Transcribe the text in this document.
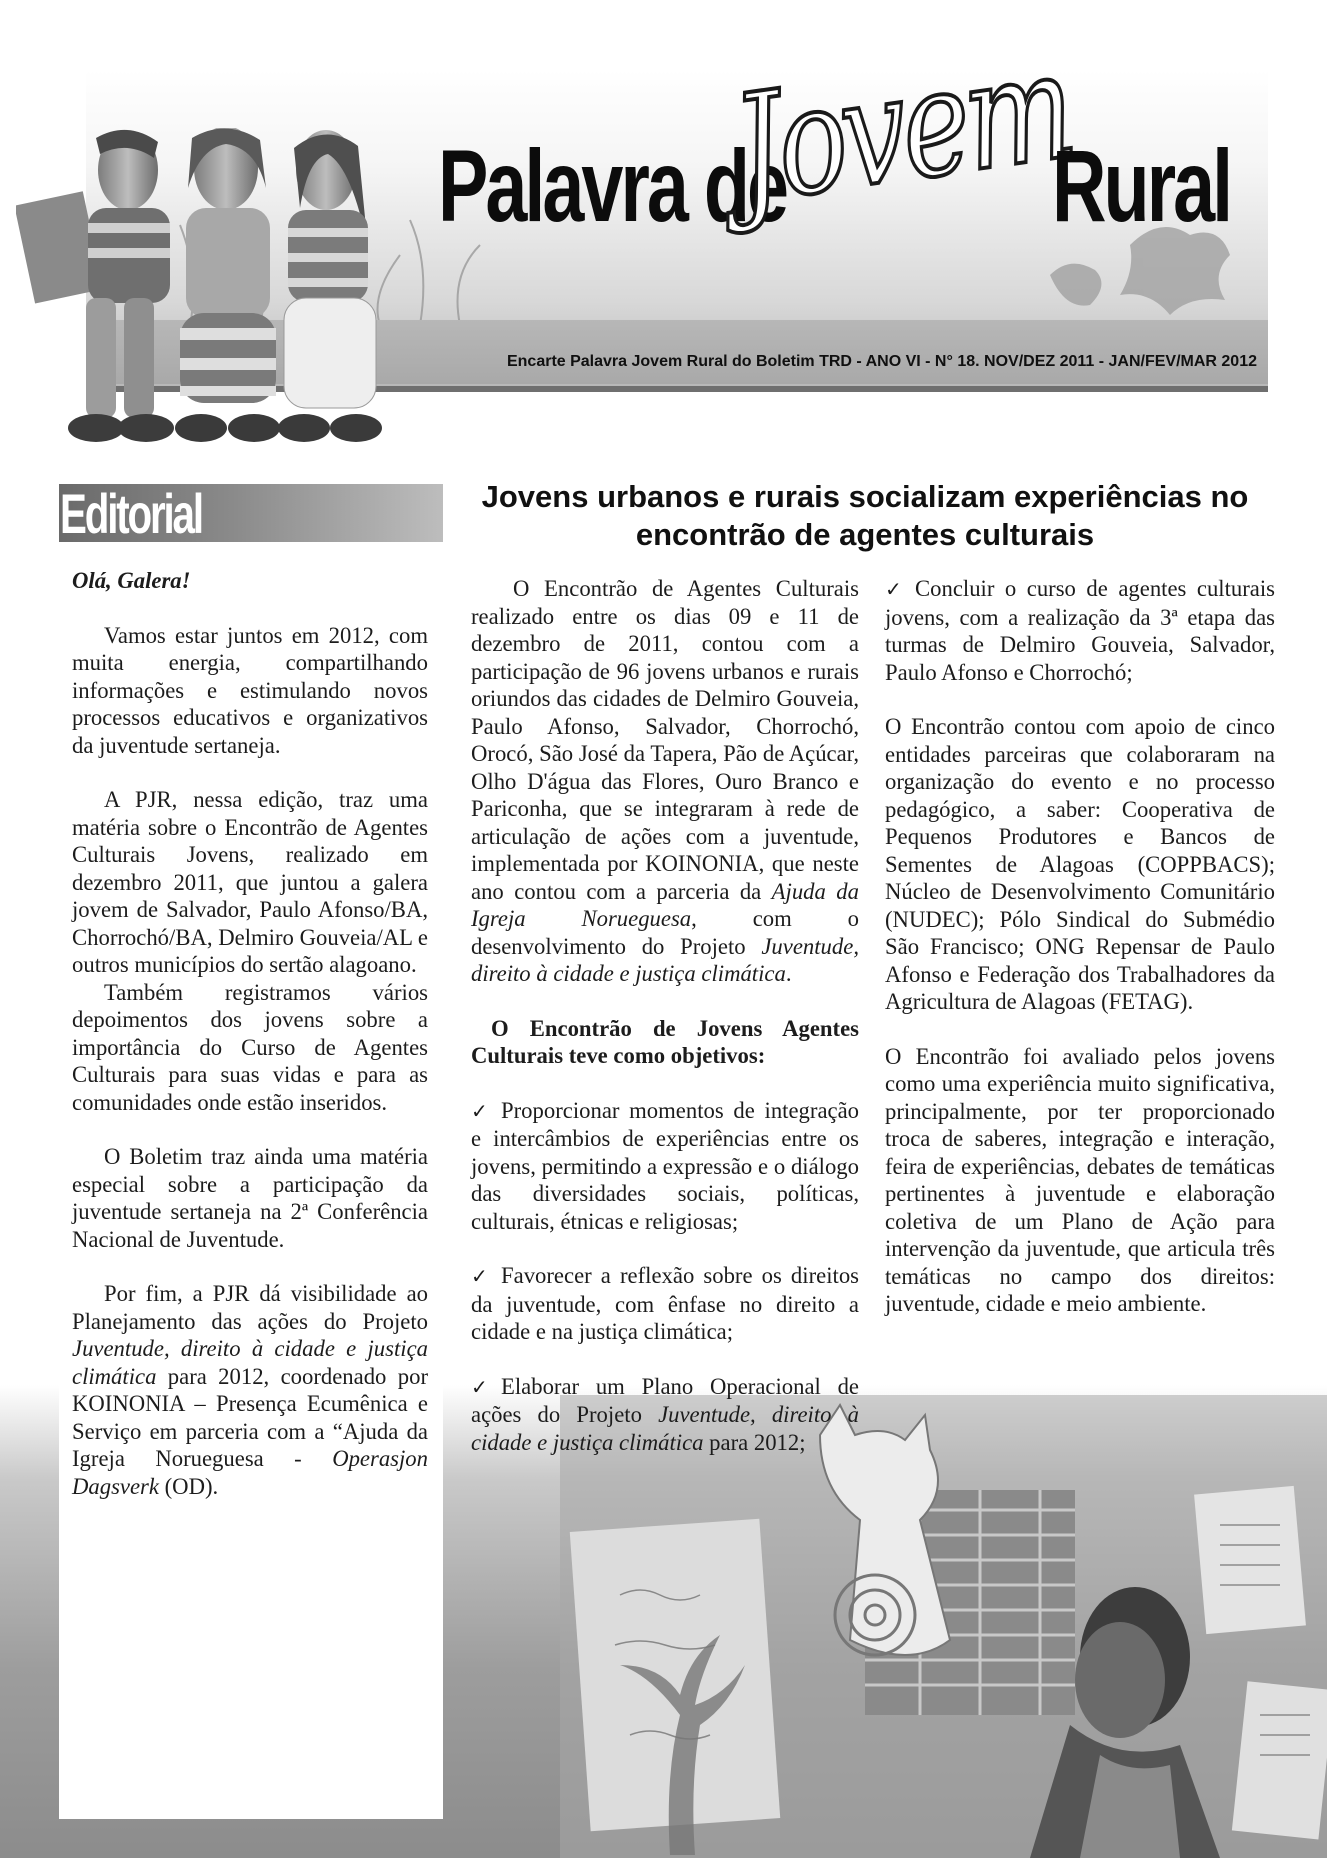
Palavra de
Jovem
Rural
Encarte Palavra Jovem Rural do Boletim TRD - ANO VI - N° 18. NOV/DEZ 2011 - JAN/FEV/MAR 2012
Editorial

Olá, Galera!

Vamos estar juntos em 2012, com muita energia, compartilhando informações e estimulando novos processos educativos e organizativos da juventude sertaneja.

A PJR, nessa edição, traz uma matéria sobre o Encontrão de Agentes Culturais Jovens, realizado em dezembro 2011, que juntou a galera jovem de Salvador, Paulo Afonso/BA, Chorrochó/BA, Delmiro Gouveia/AL e outros municípios do sertão alagoano.

Também registramos vários depoimentos dos jovens sobre a importância do Curso de Agentes Culturais para suas vidas e para as comunidades onde estão inseridos.

O Boletim traz ainda uma matéria especial sobre a participação da juventude sertaneja na 2ª Conferência Nacional de Juventude.

Por fim, a PJR dá visibilidade ao Planejamento das ações do Projeto Juventude, direito à cidade e justiça climática para 2012, coordenado por KOINONIA – Presença Ecumênica e Serviço em parceria com a “Ajuda da Igreja Norueguesa - Operasjon Dagsverk (OD).

Jovens urbanos e rurais socializam experiências no encontrão de agentes culturais

O Encontrão de Agentes Culturais realizado entre os dias 09 e 11 de dezembro de 2011, contou com a participação de 96 jovens urbanos e rurais oriundos das cidades de Delmiro Gouveia, Paulo Afonso, Salvador, Chorrochó, Orocó, São José da Tapera, Pão de Açúcar, Olho D'água das Flores, Ouro Branco e Pariconha, que se integraram à rede de articulação de ações com a juventude, implementada por KOINONIA, que neste ano contou com a parceria da Ajuda da Igreja Norueguesa, com o desenvolvimento do Projeto Juventude, direito à cidade e justiça climática.

O Encontrão de Jovens Agentes Culturais teve como objetivos:

✓ Proporcionar momentos de integração e intercâmbios de experiências entre os jovens, permitindo a expressão e o diálogo das diversidades sociais, políticas, culturais, étnicas e religiosas;

✓ Favorecer a reflexão sobre os direitos da juventude, com ênfase no direito a cidade e na justiça climática;

✓ Elaborar um Plano Operacional de ações do Projeto Juventude, direito à cidade e justiça climática para 2012;

✓ Concluir o curso de agentes culturais jovens, com a realização da 3ª etapa das turmas de Delmiro Gouveia, Salvador, Paulo Afonso e Chorrochó;

O Encontrão contou com apoio de cinco entidades parceiras que colaboraram na organização do evento e no processo pedagógico, a saber: Cooperativa de Pequenos Produtores e Bancos de Sementes de Alagoas (COPPBACS); Núcleo de Desenvolvimento Comunitário (NUDEC); Pólo Sindical do Submédio São Francisco; ONG Repensar de Paulo Afonso e Federação dos Trabalhadores da Agricultura de Alagoas (FETAG).

O Encontrão foi avaliado pelos jovens como uma experiência muito significativa, principalmente, por ter proporcionado troca de saberes, integração e interação, feira de experiências, debates de temáticas pertinentes à juventude e elaboração coletiva de um Plano de Ação para intervenção da juventude, que articula três temáticas no campo dos direitos: juventude, cidade e meio ambiente.
